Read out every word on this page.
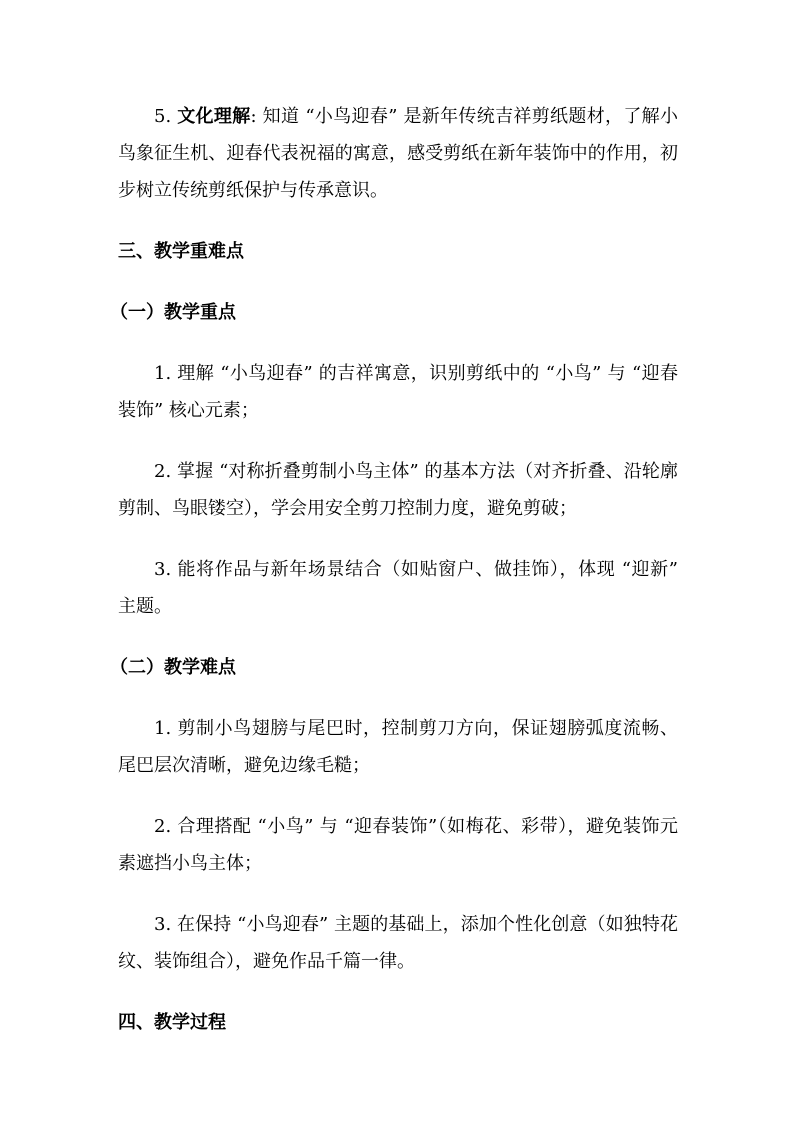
5. 文化理解: 知道 “小鸟迎春” 是新年传统吉祥剪纸题材，了解小鸟象征生机、迎春代表祝福的寓意，感受剪纸在新年装饰中的作用，初步树立传统剪纸保护与传承意识。

三、教学重难点
（一）教学重点

1. 理解 “小鸟迎春” 的吉祥寓意，识别剪纸中的 “小鸟” 与 “迎春装饰” 核心元素；

2. 掌握 “对称折叠剪制小鸟主体” 的基本方法（对齐折叠、沿轮廓剪制、鸟眼镂空），学会用安全剪刀控制力度，避免剪破；

3. 能将作品与新年场景结合（如贴窗户、做挂饰），体现 “迎新” 主题。

（二）教学难点

1. 剪制小鸟翅膀与尾巴时，控制剪刀方向，保证翅膀弧度流畅、尾巴层次清晰，避免边缘毛糙；

2. 合理搭配 “小鸟” 与 “迎春装饰”（如梅花、彩带），避免装饰元素遮挡小鸟主体；

3. 在保持 “小鸟迎春” 主题的基础上，添加个性化创意（如独特花纹、装饰组合），避免作品千篇一律。

四、教学过程
